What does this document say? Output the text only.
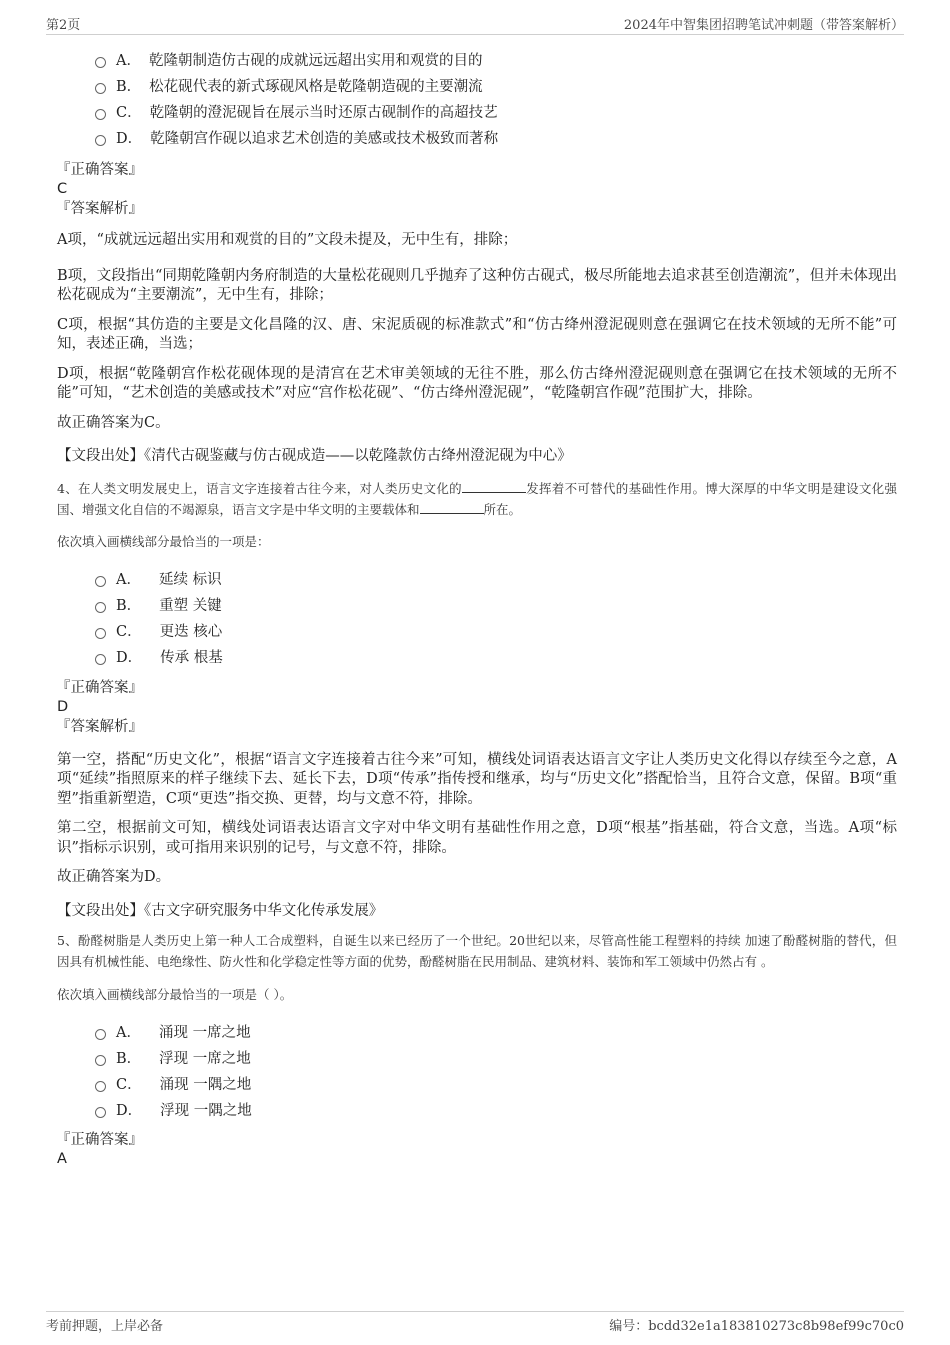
第2页	2024年中智集团招聘笔试冲刺题（带答案解析）
A． 乾隆朝制造仿古砚的成就远远超出实用和观赏的目的
B． 松花砚代表的新式琢砚风格是乾隆朝造砚的主要潮流
C． 乾隆朝的澄泥砚旨在展示当时还原古砚制作的高超技艺
D． 乾隆朝宫作砚以追求艺术创造的美感或技术极致而著称
『正确答案』
C
『答案解析』

A项，“成就远远超出实用和观赏的目的”文段未提及，无中生有，排除；

B项，文段指出“同期乾隆朝内务府制造的大量松花砚则几乎抛弃了这种仿古砚式，极尽所能地去追求甚至创造潮流”，但并未体现出松花砚成为“主要潮流”，无中生有，排除；

C项，根据“其仿造的主要是文化昌隆的汉、唐、宋泥质砚的标准款式”和“仿古绛州澄泥砚则意在强调它在技术领域的无所不能”可知，表述正确，当选；

D项，根据“乾隆朝宫作松花砚体现的是清宫在艺术审美领域的无往不胜，那么仿古绛州澄泥砚则意在强调它在技术领域的无所不能”可知，“艺术创造的美感或技术”对应“宫作松花砚”、“仿古绛州澄泥砚”，“乾隆朝宫作砚”范围扩大，排除。

故正确答案为C。

【文段出处】《清代古砚鉴藏与仿古砚成造——以乾隆款仿古绛州澄泥砚为中心》

4、在人类文明发展史上，语言文字连接着古往今来，对人类历史文化的	发挥着不可替代的基础性作用。博大深厚的中华文明是建设文化强国、增强文化自信的不竭源泉，语言文字是中华文明的主要载体和	所在。

依次填入画横线部分最恰当的一项是：

A． 延续 标识
B． 重塑 关键
C． 更迭 核心
D． 传承 根基
『正确答案』
D
『答案解析』

第一空，搭配“历史文化”，根据“语言文字连接着古往今来”可知，横线处词语表达语言文字让人类历史文化得以存续至今之意，A项“延续”指照原来的样子继续下去、延长下去，D项“传承”指传授和继承，均与“历史文化”搭配恰当，且符合文意，保留。B项“重塑”指重新塑造，C项“更迭”指交换、更替，均与文意不符，排除。

第二空，根据前文可知，横线处词语表达语言文字对中华文明有基础性作用之意，D项“根基”指基础，符合文意，当选。A项“标识”指标示识别，或可指用来识别的记号，与文意不符，排除。

故正确答案为D。

【文段出处】《古文字研究服务中华文化传承发展》

5、酚醛树脂是人类历史上第一种人工合成塑料，自诞生以来已经历了一个世纪。20世纪以来，尽管高性能工程塑料的持续 加速了酚醛树脂的替代，但因具有机械性能、电绝缘性、防火性和化学稳定性等方面的优势，酚醛树脂在民用制品、建筑材料、装饰和军工领域中仍然占有 。

依次填入画横线部分最恰当的一项是（ ）。

A． 涌现 一席之地
B． 浮现 一席之地
C． 涌现 一隅之地
D． 浮现 一隅之地
『正确答案』
A
考前押题，上岸必备	编号：bcdd32e1a183810273c8b98ef99c70c0
